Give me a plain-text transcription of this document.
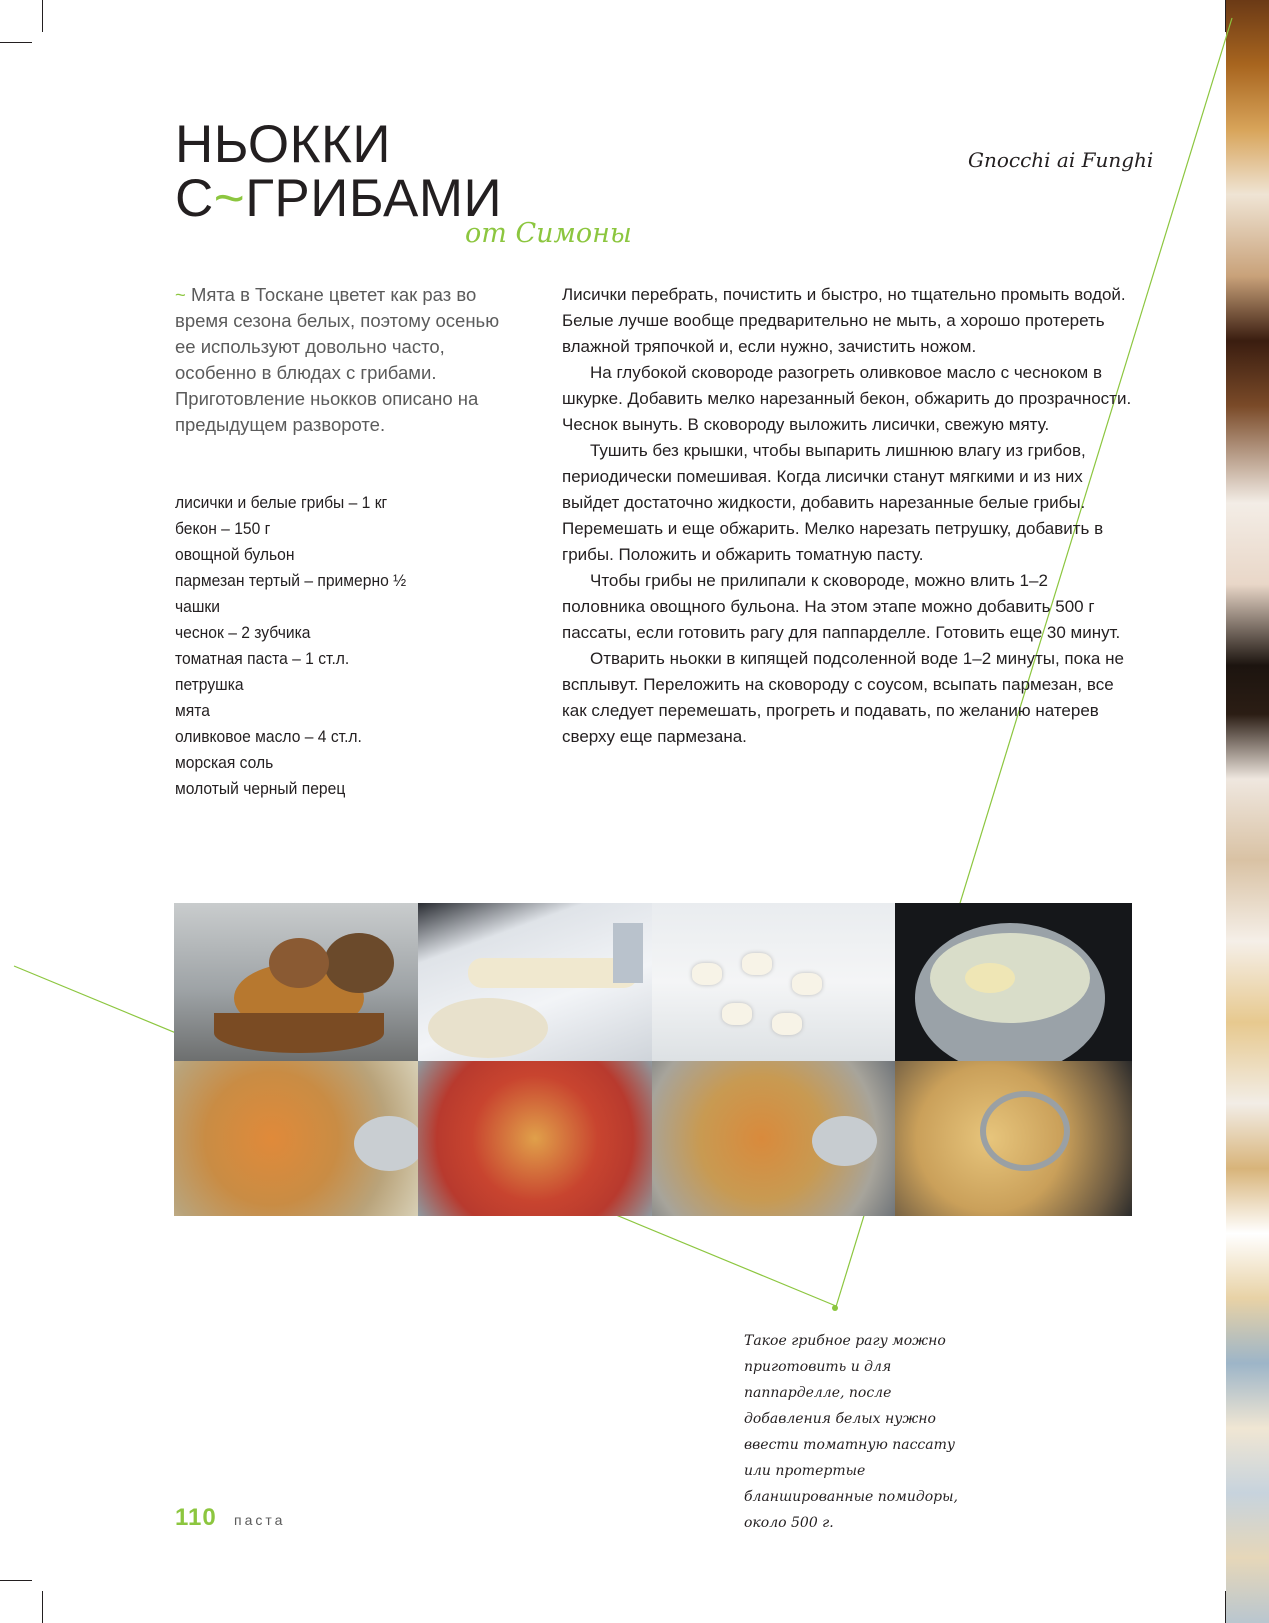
НЬОККИ
С~ГРИБАМИ
от Симоны
Gnocchi ai Funghi

~ Мята в Тоскане цветет как раз во время сезона белых, поэтому осенью ее используют довольно часто, особенно в блюдах с грибами. Приготовление ньокков описано на предыдущем развороте.

лисички и белые грибы – 1 кг
бекон – 150 г
овощной бульон
пармезан тертый – примерно ½
чашки
чеснок – 2 зубчика
томатная паста – 1 ст.л.
петрушка
мята
оливковое масло – 4 ст.л.
морская соль
молотый черный перец

Лисички перебрать, почистить и быстро, но тщательно промыть водой. Белые лучше вообще предварительно не мыть, а хорошо протереть влажной тряпочкой и, если нужно, зачистить ножом.

На глубокой сковороде разогреть оливковое масло с чесноком в шкурке. Добавить мелко нарезанный бекон, обжарить до прозрачности. Чеснок вынуть. В сковороду выложить лисички, свежую мяту.

Тушить без крышки, чтобы выпарить лишнюю влагу из грибов, периодически помешивая. Когда лисички станут мягкими и из них выйдет достаточно жидкости, добавить нарезанные белые грибы. Перемешать и еще обжарить. Мелко нарезать петрушку, добавить в грибы. Положить и обжарить томатную пасту.

Чтобы грибы не прилипали к сковороде, можно влить 1–2 половника овощного бульона. На этом этапе можно добавить 500 г пассаты, если готовить рагу для паппарделле. Готовить еще 30 минут.

Отварить ньокки в кипящей подсоленной воде 1–2 минуты, пока не всплывут. Переложить на сковороду с соусом, всыпать пармезан, все как следует перемешать, прогреть и подавать, по желанию натерев сверху еще пармезана.

Такое грибное рагу можно приготовить и для паппарделле, после добавления белых нужно ввести томатную пассату или протертые бланшированные помидоры, около 500 г.
110 паста
